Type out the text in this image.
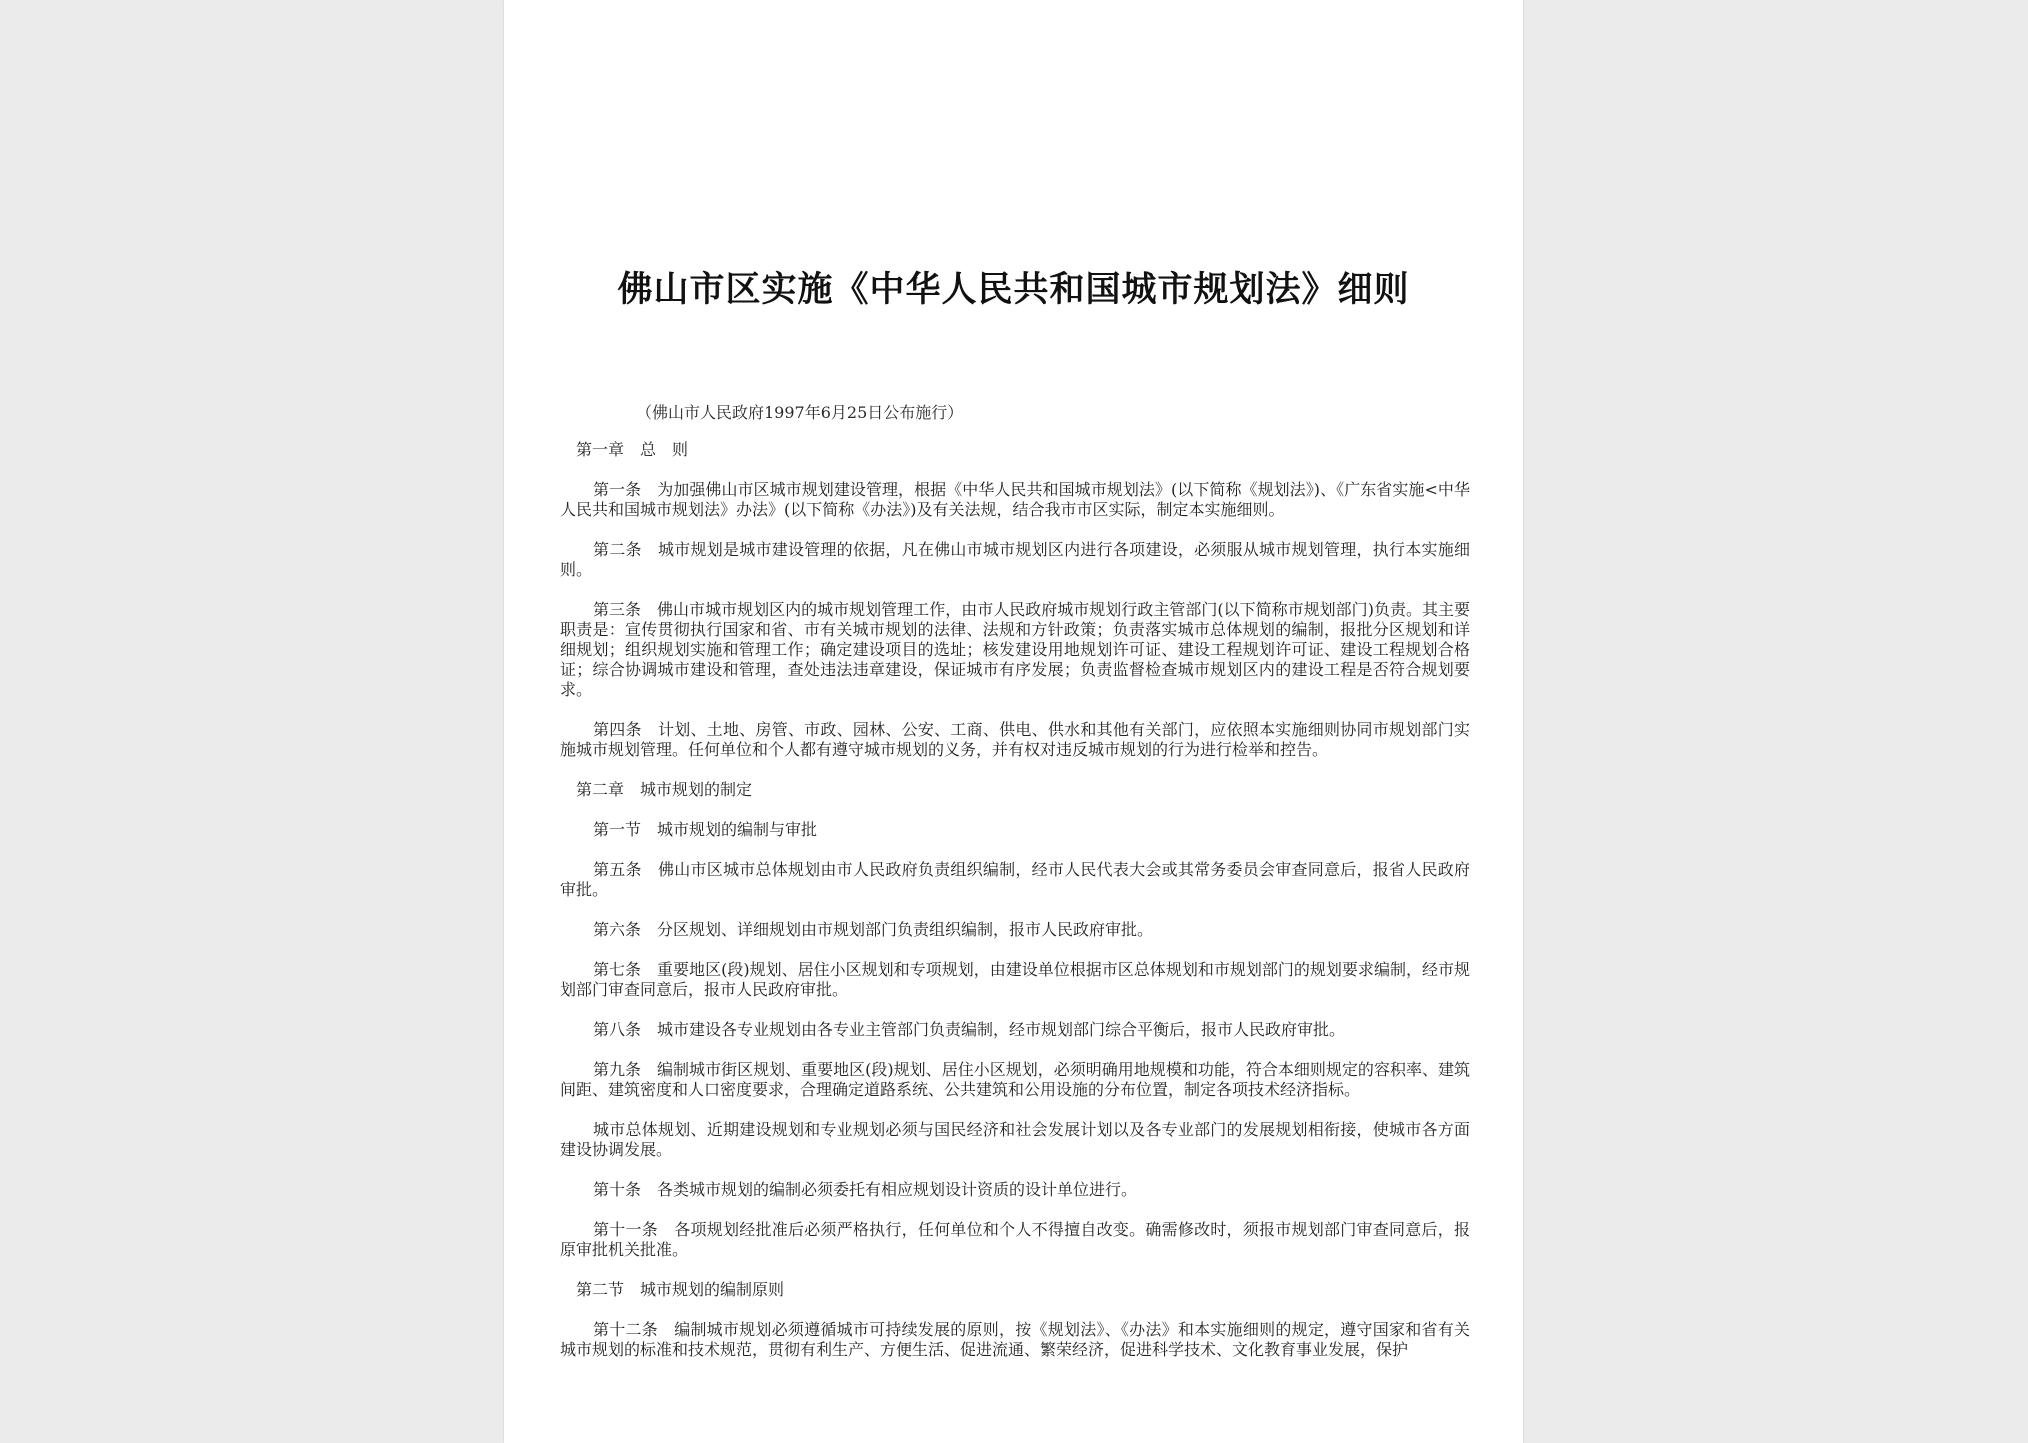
佛山市区实施《中华人民共和国城市规划法》细则
（佛山市人民政府1997年6月25日公布施行）

第一章　总　则

第一条　为加强佛山市区城市规划建设管理，根据《中华人民共和国城市规划法》(以下简称《规划法》)、《广东省实施<中华人民共和国城市规划法》办法》(以下简称《办法》)及有关法规，结合我市市区实际，制定本实施细则。

第二条　城市规划是城市建设管理的依据，凡在佛山市城市规划区内进行各项建设，必须服从城市规划管理，执行本实施细则。

第三条　佛山市城市规划区内的城市规划管理工作，由市人民政府城市规划行政主管部门(以下简称市规划部门)负责。其主要职责是：宣传贯彻执行国家和省、市有关城市规划的法律、法规和方针政策；负责落实城市总体规划的编制，报批分区规划和详细规划；组织规划实施和管理工作；确定建设项目的选址；核发建设用地规划许可证、建设工程规划许可证、建设工程规划合格证；综合协调城市建设和管理，查处违法违章建设，保证城市有序发展；负责监督检查城市规划区内的建设工程是否符合规划要求。

第四条　计划、土地、房管、市政、园林、公安、工商、供电、供水和其他有关部门，应依照本实施细则协同市规划部门实施城市规划管理。任何单位和个人都有遵守城市规划的义务，并有权对违反城市规划的行为进行检举和控告。

第二章　城市规划的制定

第一节　城市规划的编制与审批

第五条　佛山市区城市总体规划由市人民政府负责组织编制，经市人民代表大会或其常务委员会审查同意后，报省人民政府审批。

第六条　分区规划、详细规划由市规划部门负责组织编制，报市人民政府审批。

第七条　重要地区(段)规划、居住小区规划和专项规划，由建设单位根据市区总体规划和市规划部门的规划要求编制，经市规划部门审查同意后，报市人民政府审批。

第八条　城市建设各专业规划由各专业主管部门负责编制，经市规划部门综合平衡后，报市人民政府审批。

第九条　编制城市街区规划、重要地区(段)规划、居住小区规划，必须明确用地规模和功能，符合本细则规定的容积率、建筑间距、建筑密度和人口密度要求，合理确定道路系统、公共建筑和公用设施的分布位置，制定各项技术经济指标。

城市总体规划、近期建设规划和专业规划必须与国民经济和社会发展计划以及各专业部门的发展规划相衔接，使城市各方面建设协调发展。

第十条　各类城市规划的编制必须委托有相应规划设计资质的设计单位进行。

第十一条　各项规划经批准后必须严格执行，任何单位和个人不得擅自改变。确需修改时，须报市规划部门审查同意后，报原审批机关批准。

第二节　城市规划的编制原则

第十二条　编制城市规划必须遵循城市可持续发展的原则，按《规划法》、《办法》和本实施细则的规定，遵守国家和省有关城市规划的标准和技术规范，贯彻有利生产、方便生活、促进流通、繁荣经济，促进科学技术、文化教育事业发展，保护
